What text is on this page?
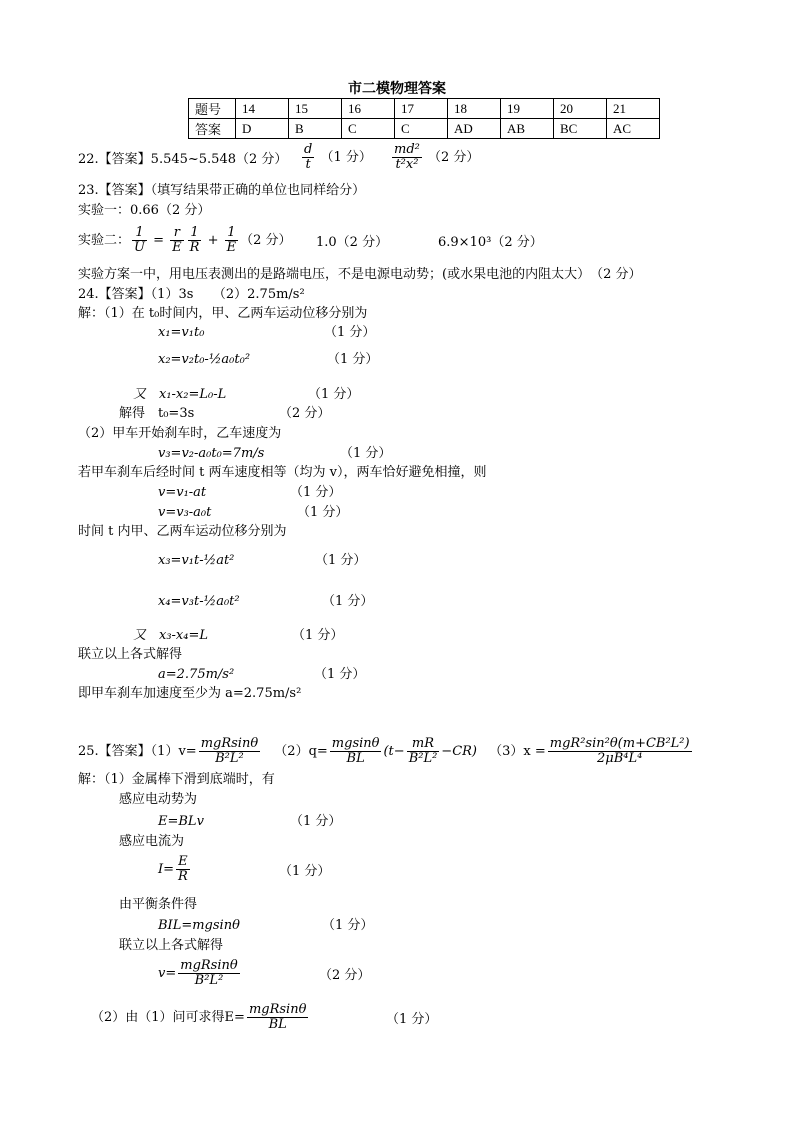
市二模物理答案
题号	14	15	16	17	18	19	20	21
答案	D	B	C	C	AD	AB	BC	AC
22.【答案】5.545~5.548（2 分） $\frac{d}{t} (1$ 分） $\frac{\text{md²}}{\text{t²x²}} (2$ 分）
23.【答案】（填写结果带正确的单位也同样给分）
实验一：0.66（2 分）
实验二： $\frac{1}{U} = \frac{r}{E} \frac{1}{R} + \frac{1}{E} (2$ 分） 1.0（2 分）	6.9×10³（2 分）
实验方案一中，用电压表测出的是路端电压，不是电源电动势；(或水果电池的内阻太大）　（2 分）
24.【答案】（1）3s　　（2）2.75m/s²
解：（1）在 t₀时间内，甲、乙两车运动位移分别为
x₁=v₁t₀	（1 分）
x₂=v₂t₀-½a₀t₀²	（1 分）
又　x₁-x₂=L₀-L	（1 分）
解得　t₀=3s	（2 分）
（2）甲车开始刹车时，乙车速度为
v₃=v₂-a₀t₀=7m/s	（1 分）
若甲车刹车后经时间 t 两车速度相等（均为 v），两车恰好避免相撞，则
v=v₁-at	（1 分）
v=v₃-a₀t	（1 分）
时间 t 内甲、乙两车运动位移分别为
x₃=v₁t-½at²	（1 分）
x₄=v₃t-½a₀t²	（1 分）
又　x₃-x₄=L	（1 分）
联立以上各式解得
a=2.75m/s²	（1 分）
即甲车刹车加速度至少为 a=2.75m/s²
25.【答案】$(1)v= \frac{\text{mgRsinθ}}{\text{B²L²}} (2)q= \frac{mgsin\theta}{BL} (t- \frac{mR}{\text{B²L²}} -CR) (3)x = \frac{\text{mgR²sin²θ(m+CB²L²)}}{\text{2μB⁴L⁴}}$
解：（1）金属棒下滑到底端时，有
感应电动势为
E=BLv	（1 分）
感应电流为
$I= \frac{E}{R}$	（1 分）
由平衡条件得
BIL=mgsinθ	（1 分）
联立以上各式解得
$v= \frac{\text{mgRsinθ}}{\text{B²L²}}$	（2 分）
（2）由（1）问可求得$E= \frac{\text{mgRsinθ}}{BL}$	（1 分）
